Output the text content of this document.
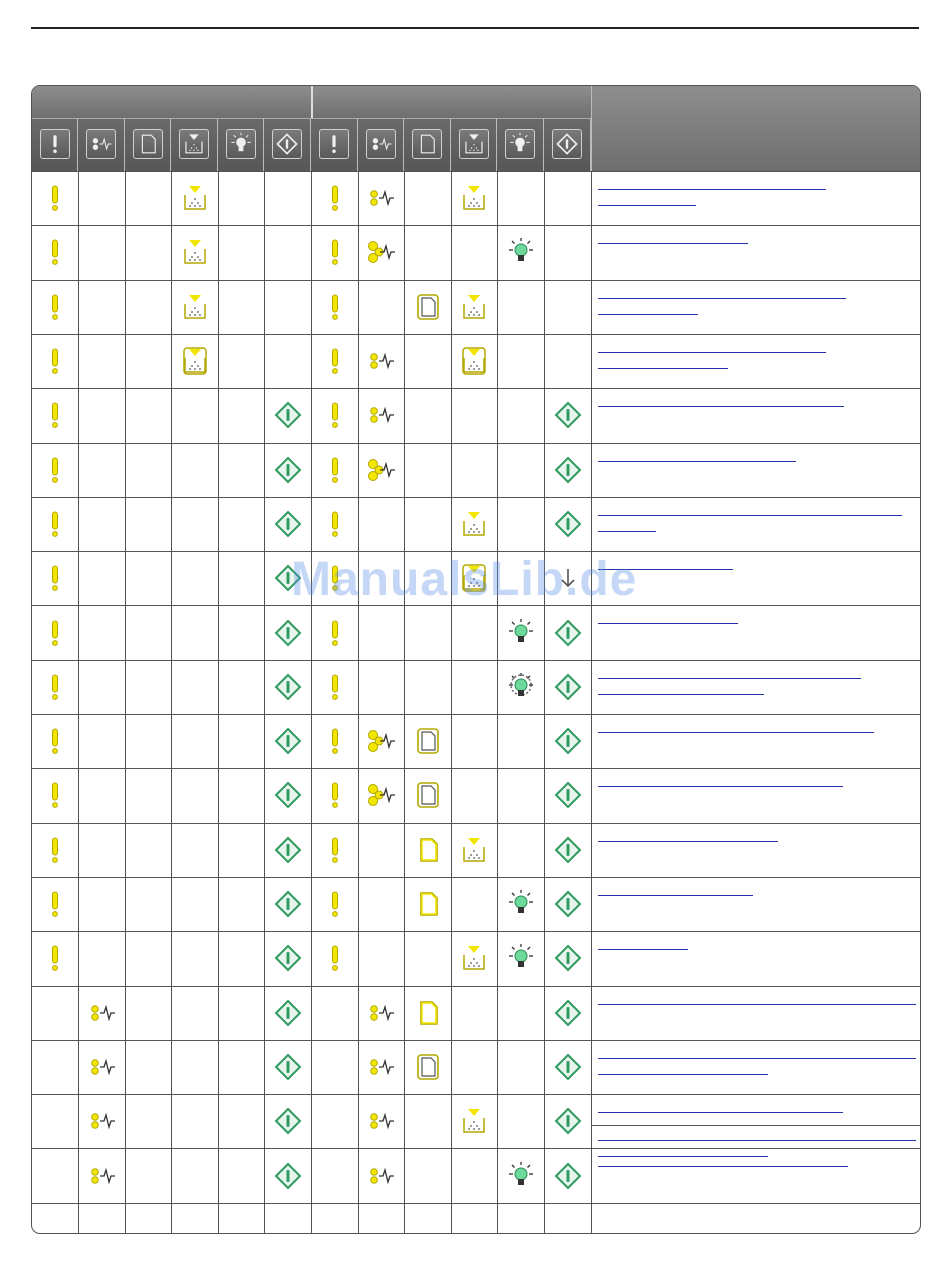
ManualsLib.de
